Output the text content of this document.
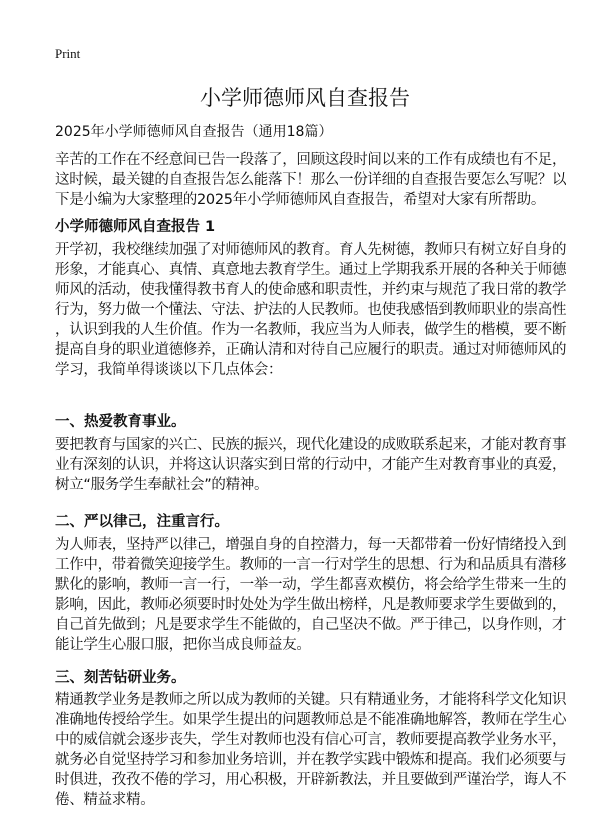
Print
小学师德师风自查报告
2025年小学师德师风自查报告（通用18篇）
辛苦的工作在不经意间已告一段落了，回顾这段时间以来的工作有成绩也有不足，
这时候，最关键的自查报告怎么能落下！那么一份详细的自查报告要怎么写呢？以
下是小编为大家整理的2025年小学师德师风自查报告，希望对大家有所帮助。
小学师德师风自查报告 1
开学初，我校继续加强了对师德师风的教育。育人先树德，教师只有树立好自身的
形象，才能真心、真情、真意地去教育学生。通过上学期我系开展的各种关于师德
师风的活动，使我懂得教书育人的使命感和职责性，并约束与规范了我日常的教学
行为，努力做一个懂法、守法、护法的人民教师。也使我感悟到教师职业的崇高性
，认识到我的人生价值。作为一名教师，我应当为人师表，做学生的楷模，要不断
提高自身的职业道德修养，正确认清和对待自己应履行的职责。通过对师德师风的
学习，我简单得谈谈以下几点体会：
一、热爱教育事业。
要把教育与国家的兴亡、民族的振兴，现代化建设的成败联系起来，才能对教育事
业有深刻的认识，并将这认识落实到日常的行动中，才能产生对教育事业的真爱，
树立“服务学生奉献社会”的精神。
二、严以律己，注重言行。
为人师表，坚持严以律己，增强自身的自控潜力，每一天都带着一份好情绪投入到
工作中，带着微笑迎接学生。教师的一言一行对学生的思想、行为和品质具有潜移
默化的影响，教师一言一行，一举一动，学生都喜欢模仿，将会给学生带来一生的
影响，因此，教师必须要时时处处为学生做出榜样，凡是教师要求学生要做到的，
自己首先做到；凡是要求学生不能做的，自己坚决不做。严于律己，以身作则，才
能让学生心服口服，把你当成良师益友。
三、刻苦钻研业务。
精通教学业务是教师之所以成为教师的关键。只有精通业务，才能将科学文化知识
准确地传授给学生。如果学生提出的问题教师总是不能准确地解答，教师在学生心
中的威信就会逐步丧失，学生对教师也没有信心可言，教师要提高教学业务水平，
就务必自觉坚持学习和参加业务培训，并在教学实践中锻炼和提高。我们必须要与
时俱进，孜孜不倦的学习，用心积极，开辟新教法，并且要做到严谨治学，诲人不
倦、精益求精。
